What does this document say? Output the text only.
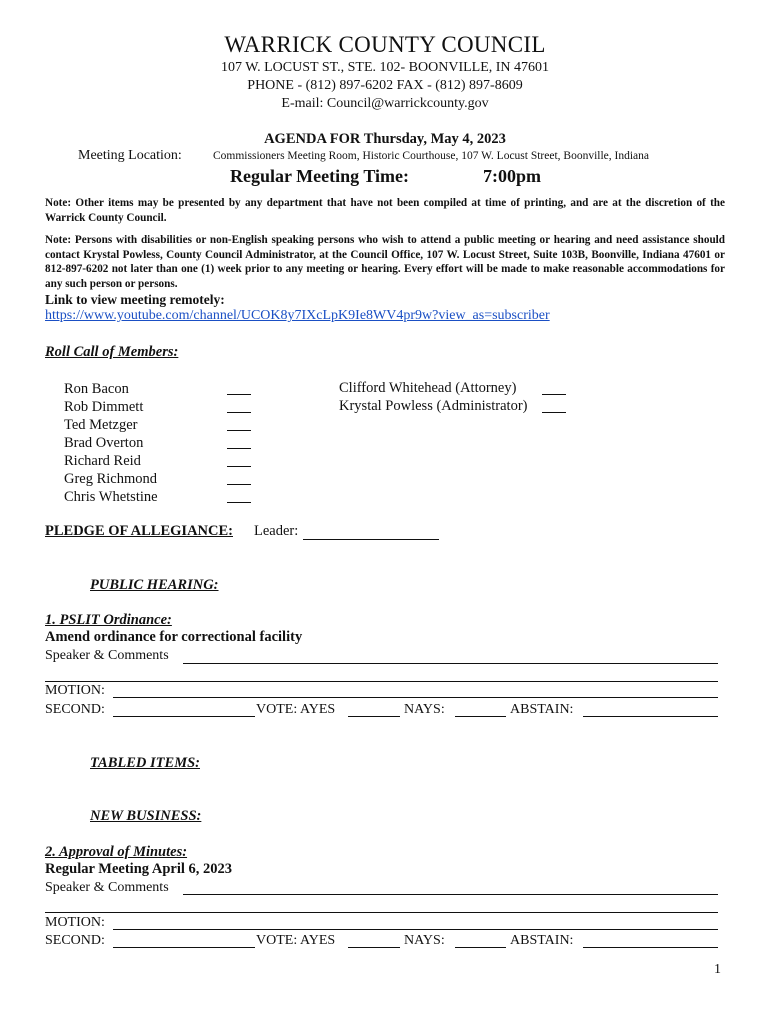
WARRICK COUNTY COUNCIL
107 W. LOCUST ST., STE. 102- BOONVILLE, IN 47601
PHONE - (812) 897-6202 FAX - (812) 897-8609
E-mail: Council@warrickcounty.gov
AGENDA FOR Thursday, May 4, 2023
Meeting Location:	Commissioners Meeting Room, Historic Courthouse, 107 W. Locust Street, Boonville, Indiana
Regular Meeting Time:	7:00pm
Note: Other items may be presented by any department that have not been compiled at time of printing, and are at the discretion of the Warrick County Council.
Note: Persons with disabilities or non-English speaking persons who wish to attend a public meeting or hearing and need assistance should contact Krystal Powless, County Council Administrator, at the Council Office, 107 W. Locust Street, Suite 103B, Boonville, Indiana 47601 or 812-897-6202 not later than one (1) week prior to any meeting or hearing. Every effort will be made to make reasonable accommodations for any such person or persons.
Link to view meeting remotely:
https://www.youtube.com/channel/UCOK8y7IXcLpK9Ie8WV4pr9w?view_as=subscriber
Roll Call of Members:
Ron Bacon
Rob Dimmett
Ted Metzger
Brad Overton
Richard Reid
Greg Richmond
Chris Whetstine
Clifford Whitehead (Attorney)
Krystal Powless (Administrator)
PLEDGE OF ALLEGIANCE: Leader:
PUBLIC HEARING:
1. PSLIT Ordinance:
Amend ordinance for correctional facility
Speaker & Comments
MOTION:
SECOND:	VOTE: AYES	NAYS:	ABSTAIN:
TABLED ITEMS:
NEW BUSINESS:
2. Approval of Minutes:
Regular Meeting April 6, 2023
Speaker & Comments
MOTION:
SECOND:	VOTE: AYES	NAYS:	ABSTAIN:
1
